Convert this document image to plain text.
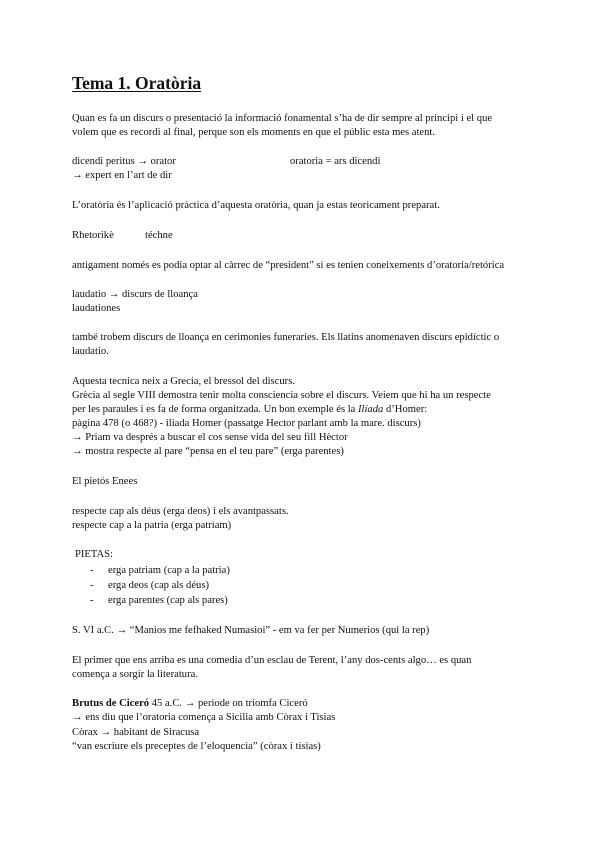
Tema 1. Oratòria
Quan es fa un discurs o presentació la informació fonamental s’ha de dir sempre al principi i el que
volem que es recordi al final, perque son els moments en que el públic esta mes atent.
dicendi peritus → orator	oratoria = ars dicendi
→ expert en l’art de dir
L’oratòria és l’aplicació pràctica d’aquesta oratòria, quan ja estas teoricament preparat.
Rhetorikè	téchne
antigament només es podia optar al càrrec de “president” si es tenien coneixements d’oratoria/retórica
laudatio → discurs de lloança
laudationes
també trobem discurs de lloança en cerimonies funeraries. Els llatins anomenaven discurs epidíctic o
laudatio.
Aquesta tecnica neix a Grecia, el bressol del discurs.
Grècia al segle VIII demostra tenir molta consciencia sobre el discurs. Veiem que hi ha un respecte
per les paraules i es fa de forma organitzada. Un bon exemple és la Ilíada d’Homer:
pàgina 478 (o 468?) - iliada Homer (passatge Hector parlant amb la mare. discurs)
→ Priam va després a buscar el cos sense vida del seu fill Hèctor
→ mostra respecte al pare “pensa en el teu pare” (erga parentes)
El pietós Enees
respecte cap als déus (erga deos) i els avantpassats.
respecte cap a la patria (erga patriam)
PIETAS:
- erga patriam (cap a la patria)
- erga deos (cap als déus)
- erga parentes (cap als pares)
S. VI a.C. → “Manios me fefhaked Numasioi” - em va fer per Numerios (qui la rep)
El primer que ens arriba es una comedia d’un esclau de Terent, l’any dos-cents algo… es quan
comença a sorgir la literatura.
Brutus de Ciceró 45 a.C. → periode on triomfa Ciceró
→ ens diu que l’oratoria comença a Sicilia amb Còrax i Tisias
Còrax → habitant de Siracusa
“van escriure els preceptes de l’eloquencia” (còrax i tisias)
